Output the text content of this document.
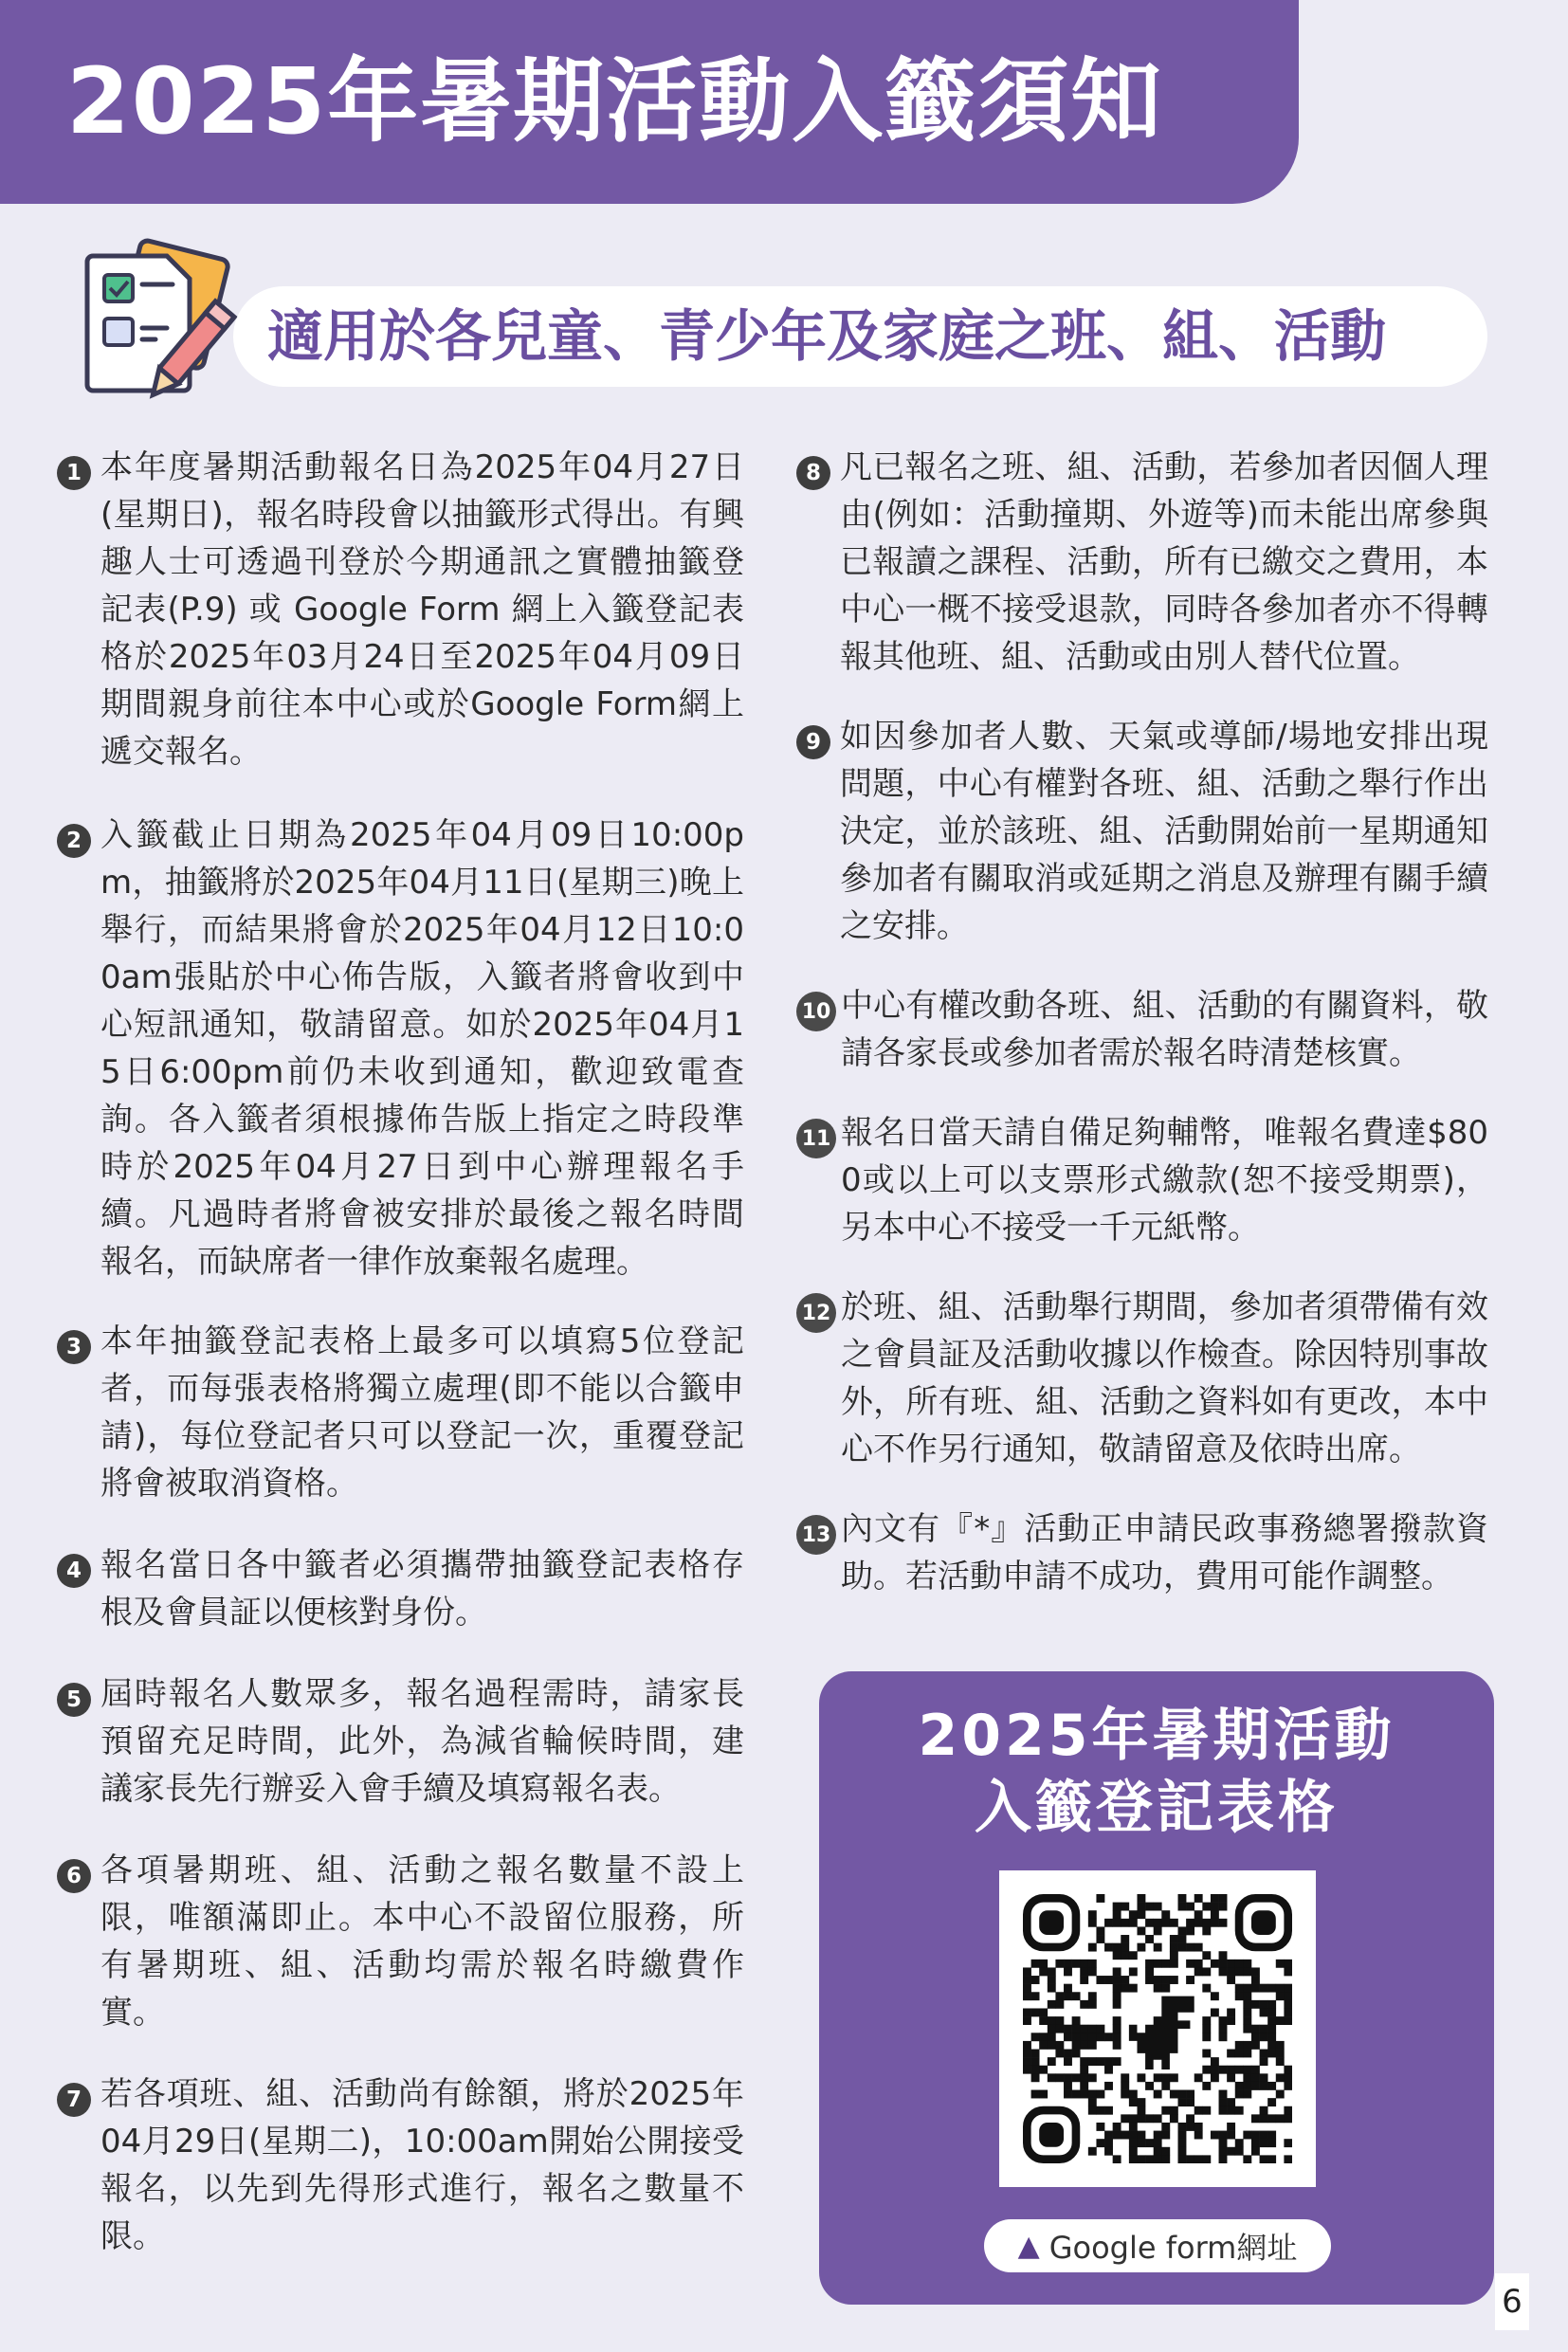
2025年暑期活動入籤須知
適用於各兒童、青少年及家庭之班、組、活動
1 本年度暑期活動報名日為2025年04月27日(星期日)，報名時段會以抽籤形式得出。有興趣人士可透過刊登於今期通訊之實體抽籤登記表(P.9) 或 Google Form 網上入籤登記表格於2025年03月24日至2025年04月09日期間親身前往本中心或於Google Form網上遞交報名。
2 入籤截止日期為2025年04月09日10:00pm，抽籤將於2025年04月11日(星期三)晚上舉行，而結果將會於2025年04月12日10:00am張貼於中心佈告版，入籤者將會收到中心短訊通知，敬請留意。如於2025年04月15日6:00pm前仍未收到通知，歡迎致電查詢。各入籤者須根據佈告版上指定之時段準時於2025年04月27日到中心辦理報名手續。凡過時者將會被安排於最後之報名時間報名，而缺席者一律作放棄報名處理。
3 本年抽籤登記表格上最多可以填寫5位登記者，而每張表格將獨立處理(即不能以合籤申請)，每位登記者只可以登記一次，重覆登記將會被取消資格。
4 報名當日各中籤者必須攜帶抽籤登記表格存根及會員証以便核對身份。
5 屆時報名人數眾多，報名過程需時，請家長預留充足時間，此外，為減省輪候時間，建議家長先行辦妥入會手續及填寫報名表。
6 各項暑期班、組、活動之報名數量不設上限，唯額滿即止。本中心不設留位服務，所有暑期班、組、活動均需於報名時繳費作實。
7 若各項班、組、活動尚有餘額，將於2025年04月29日(星期二)，10:00am開始公開接受報名，以先到先得形式進行，報名之數量不限。
8 凡已報名之班、組、活動，若參加者因個人理由(例如：活動撞期、外遊等)而未能出席參與已報讀之課程、活動，所有已繳交之費用，本中心一概不接受退款，同時各參加者亦不得轉報其他班、組、活動或由別人替代位置。
9 如因參加者人數、天氣或導師/場地安排出現問題，中心有權對各班、組、活動之舉行作出決定，並於該班、組、活動開始前一星期通知參加者有關取消或延期之消息及辦理有關手續之安排。
10 中心有權改動各班、組、活動的有關資料，敬請各家長或參加者需於報名時清楚核實。
11 報名日當天請自備足夠輔幣，唯報名費達$800或以上可以支票形式繳款(恕不接受期票)，另本中心不接受一千元紙幣。
12 於班、組、活動舉行期間，參加者須帶備有效之會員証及活動收據以作檢查。除因特別事故外，所有班、組、活動之資料如有更改，本中心不作另行通知，敬請留意及依時出席。
13 內文有『*』活動正申請民政事務總署撥款資助。若活動申請不成功，費用可能作調整。
2025年暑期活動
入籤登記表格
▲ Google form網址
6
